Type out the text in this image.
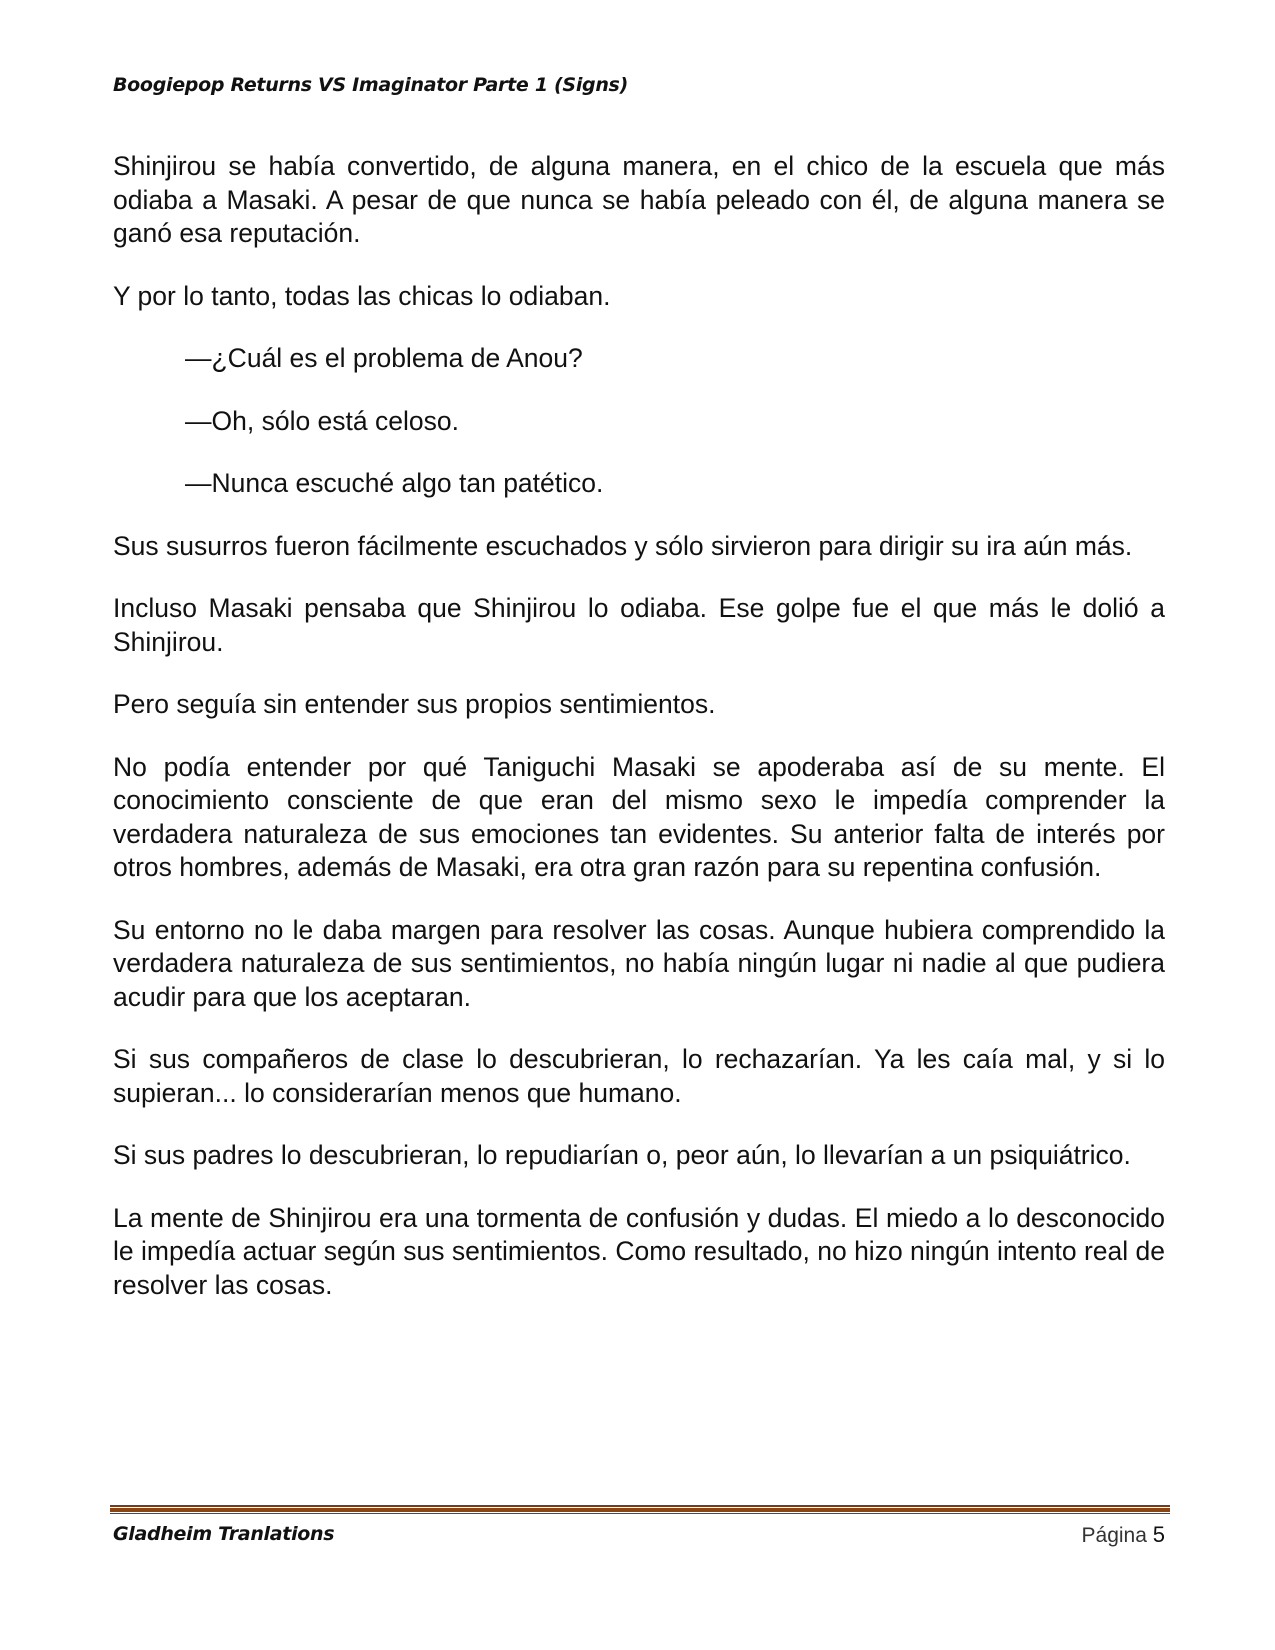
Boogiepop Returns VS Imaginator Parte 1 (Signs)

Shinjirou se había convertido, de alguna manera, en el chico de la escuela que más odiaba a Masaki. A pesar de que nunca se había peleado con él, de alguna manera se ganó esa reputación.

Y por lo tanto, todas las chicas lo odiaban.

—¿Cuál es el problema de Anou?

—Oh, sólo está celoso.

—Nunca escuché algo tan patético.

Sus susurros fueron fácilmente escuchados y sólo sirvieron para dirigir su ira aún más.

Incluso Masaki pensaba que Shinjirou lo odiaba. Ese golpe fue el que más le dolió a Shinjirou.

Pero seguía sin entender sus propios sentimientos.

No podía entender por qué Taniguchi Masaki se apoderaba así de su mente. El conocimiento consciente de que eran del mismo sexo le impedía comprender la verdadera naturaleza de sus emociones tan evidentes. Su anterior falta de interés por otros hombres, además de Masaki, era otra gran razón para su repentina confusión.

Su entorno no le daba margen para resolver las cosas. Aunque hubiera comprendido la verdadera naturaleza de sus sentimientos, no había ningún lugar ni nadie al que pudiera acudir para que los aceptaran.

Si sus compañeros de clase lo descubrieran, lo rechazarían. Ya les caía mal, y si lo supieran... lo considerarían menos que humano.

Si sus padres lo descubrieran, lo repudiarían o, peor aún, lo llevarían a un psiquiátrico.

La mente de Shinjirou era una tormenta de confusión y dudas. El miedo a lo desconocido le impedía actuar según sus sentimientos. Como resultado, no hizo ningún intento real de resolver las cosas.

Gladheim Tranlations	Página 5
